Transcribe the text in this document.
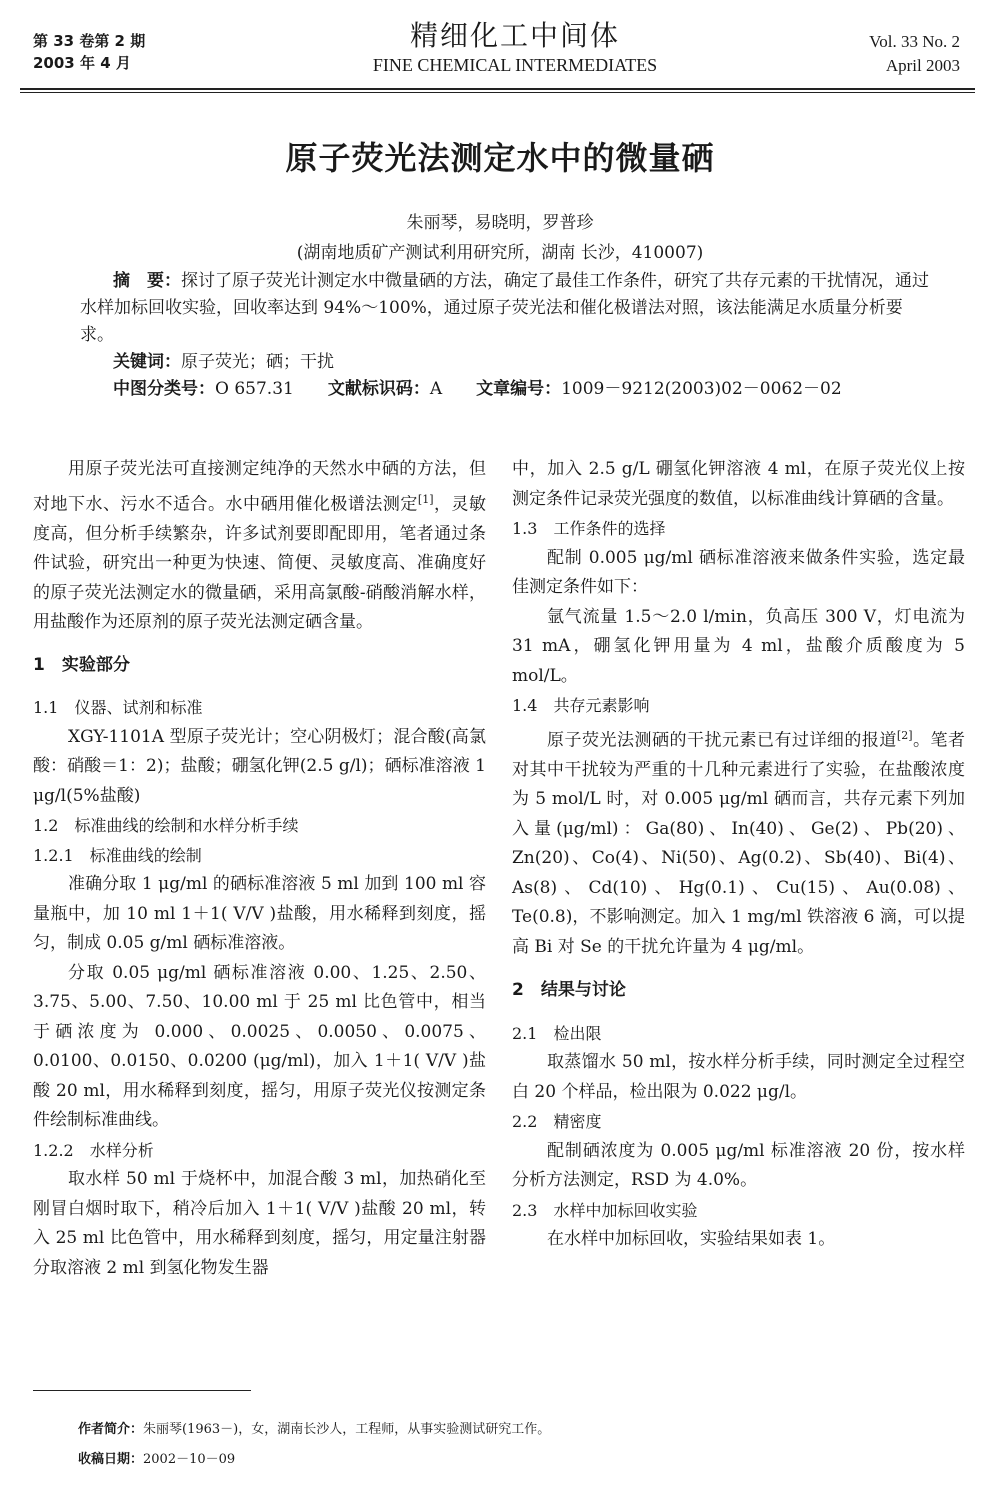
第 33 卷第 2 期
2003 年 4 月
精细化工中间体
FINE CHEMICAL INTERMEDIATES
Vol. 33 No. 2
April 2003
原子荧光法测定水中的微量硒
朱丽琴，易晓明，罗普珍
(湖南地质矿产测试利用研究所，湖南 长沙，410007)

摘　要：探讨了原子荧光计测定水中微量硒的方法，确定了最佳工作条件，研究了共存元素的干扰情况，通过水样加标回收实验，回收率达到 94%～100%，通过原子荧光法和催化极谱法对照，该法能满足水质量分析要求。

关键词：原子荧光；硒；干扰

中图分类号：O 657.31　  文献标识码：A　  文章编号：1009－9212(2003)02－0062－02

用原子荧光法可直接测定纯净的天然水中硒的方法，但对地下水、污水不适合。水中硒用催化极谱法测定[1]，灵敏度高，但分析手续繁杂，许多试剂要即配即用，笔者通过条件试验，研究出一种更为快速、简便、灵敏度高、准确度好的原子荧光法测定水的微量硒，采用高氯酸-硝酸消解水样，用盐酸作为还原剂的原子荧光法测定硒含量。

1　实验部分

1.1　仪器、试剂和标准

XGY-1101A 型原子荧光计；空心阴极灯；混合酸(高氯酸：硝酸＝1：2)；盐酸；硼氢化钾(2.5 g/l)；硒标准溶液 1 μg/l(5%盐酸)

1.2　标准曲线的绘制和水样分析手续

1.2.1　标准曲线的绘制

准确分取 1 μg/ml 的硒标准溶液 5 ml 加到 100 ml 容量瓶中，加 10 ml 1＋1( V/V )盐酸，用水稀释到刻度，摇匀，制成 0.05 g/ml 硒标准溶液。

分取 0.05 μg/ml 硒标准溶液 0.00、1.25、2.50、3.75、5.00、7.50、10.00 ml 于 25 ml 比色管中，相当于硒浓度为 0.000、0.0025、0.0050、0.0075、0.0100、0.0150、0.0200 (μg/ml)，加入 1＋1( V/V )盐酸 20 ml，用水稀释到刻度，摇匀，用原子荧光仪按测定条件绘制标准曲线。

1.2.2　水样分析

取水样 50 ml 于烧杯中，加混合酸 3 ml，加热硝化至刚冒白烟时取下，稍冷后加入 1＋1( V/V )盐酸 20 ml，转入 25 ml 比色管中，用水稀释到刻度，摇匀，用定量注射器分取溶液 2 ml 到氢化物发生器

中，加入 2.5 g/L 硼氢化钾溶液 4 ml，在原子荧光仪上按测定条件记录荧光强度的数值，以标准曲线计算硒的含量。

1.3　工作条件的选择

配制 0.005 μg/ml 硒标准溶液来做条件实验，选定最佳测定条件如下：

氩气流量 1.5～2.0 l/min，负高压 300 V，灯电流为 31 mA，硼氢化钾用量为 4 ml，盐酸介质酸度为 5 mol/L。

1.4　共存元素影响

原子荧光法测硒的干扰元素已有过详细的报道[2]。笔者对其中干扰较为严重的十几种元素进行了实验，在盐酸浓度为 5 mol/L 时，对 0.005 μg/ml 硒而言，共存元素下列加入量(μg/ml)：Ga(80)、In(40)、Ge(2)、Pb(20)、Zn(20)、Co(4)、Ni(50)、Ag(0.2)、Sb(40)、Bi(4)、As(8)、Cd(10)、Hg(0.1)、Cu(15)、Au(0.08)、Te(0.8)，不影响测定。加入 1 mg/ml 铁溶液 6 滴，可以提高 Bi 对 Se 的干扰允许量为 4 μg/ml。

2　结果与讨论

2.1　检出限

取蒸馏水 50 ml，按水样分析手续，同时测定全过程空白 20 个样品，检出限为 0.022 μg/l。

2.2　精密度

配制硒浓度为 0.005 μg/ml 标准溶液 20 份，按水样分析方法测定，RSD 为 4.0%。

2.3　水样中加标回收实验

在水样中加标回收，实验结果如表 1。

作者简介：朱丽琴(1963－)，女，湖南长沙人，工程师，从事实验测试研究工作。
收稿日期：2002－10－09
